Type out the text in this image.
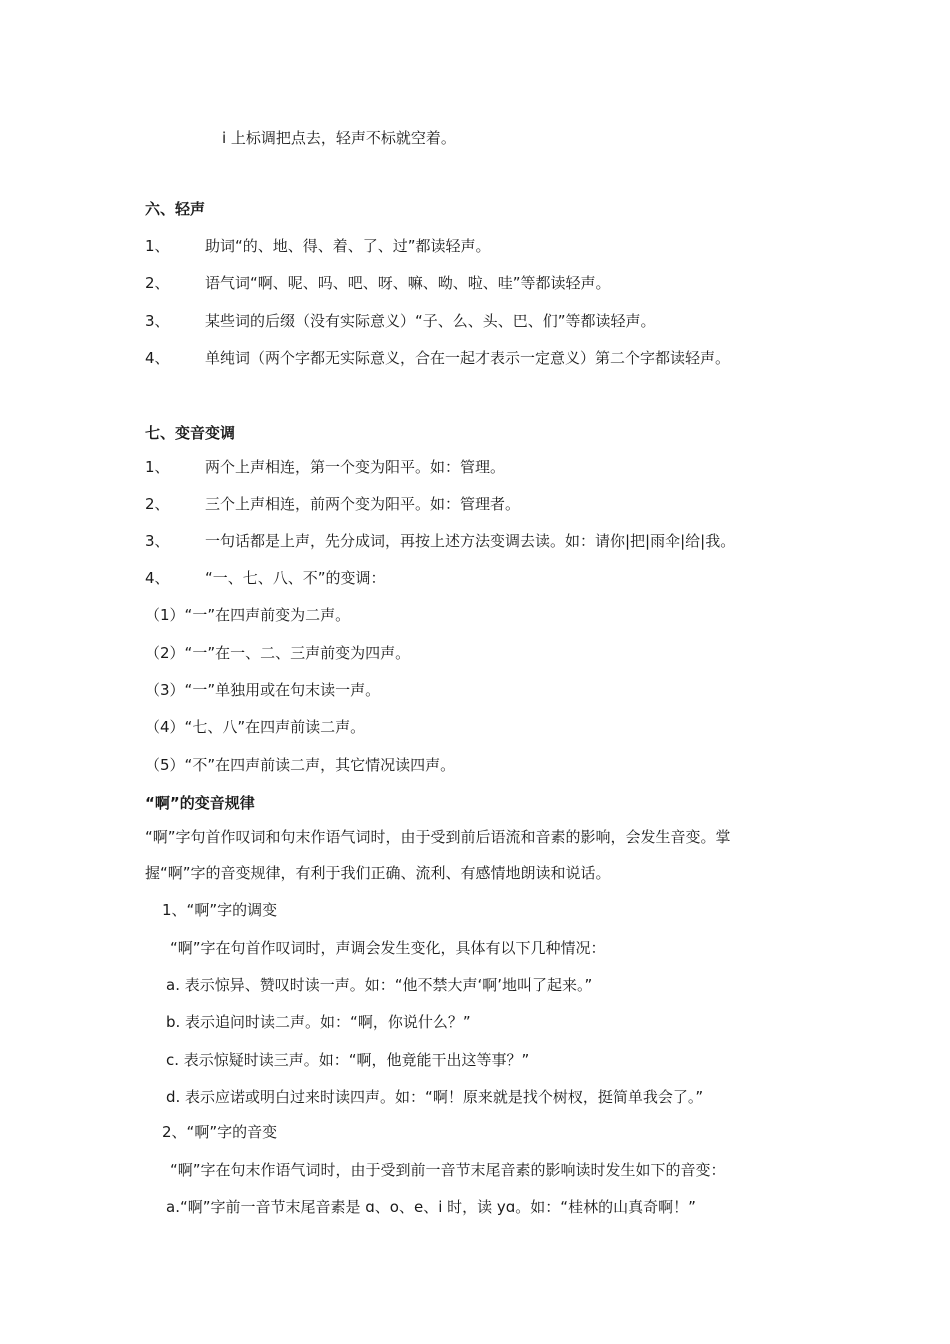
i 上标调把点去，轻声不标就空着。
六、轻声
1、 助词“的、地、得、着、了、过”都读轻声。
2、 语气词“啊、呢、吗、吧、呀、嘛、呦、啦、哇”等都读轻声。
3、 某些词的后缀（没有实际意义）“子、么、头、巴、们”等都读轻声。
4、 单纯词（两个字都无实际意义，合在一起才表示一定意义）第二个字都读轻声。
七、变音变调
1、 两个上声相连，第一个变为阳平。如：管理。
2、 三个上声相连，前两个变为阳平。如：管理者。
3、 一句话都是上声，先分成词，再按上述方法变调去读。如：请你|把|雨伞|给|我。
4、 “一、七、八、不”的变调：
（1）“一”在四声前变为二声。
（2）“一”在一、二、三声前变为四声。
（3）“一”单独用或在句末读一声。
（4）“七、八”在四声前读二声。
（5）“不”在四声前读二声，其它情况读四声。
“啊”的变音规律
“啊”字句首作叹词和句末作语气词时，由于受到前后语流和音素的影响，会发生音变。掌
握“啊”字的音变规律，有利于我们正确、流利、有感情地朗读和说话。
1、“啊”字的调变
“啊”字在句首作叹词时，声调会发生变化，具体有以下几种情况：
a. 表示惊异、赞叹时读一声。如：“他不禁大声‘啊’地叫了起来。”
b. 表示追问时读二声。如：“啊，你说什么？”
c. 表示惊疑时读三声。如：“啊，他竟能干出这等事？”
d. 表示应诺或明白过来时读四声。如：“啊！原来就是找个树杈，挺简单我会了。”
2、“啊”字的音变
“啊”字在句末作语气词时，由于受到前一音节末尾音素的影响读时发生如下的音变：
a.“啊”字前一音节末尾音素是 ɑ、o、e、i 时，读 yɑ。如：“桂林的山真奇啊！”
